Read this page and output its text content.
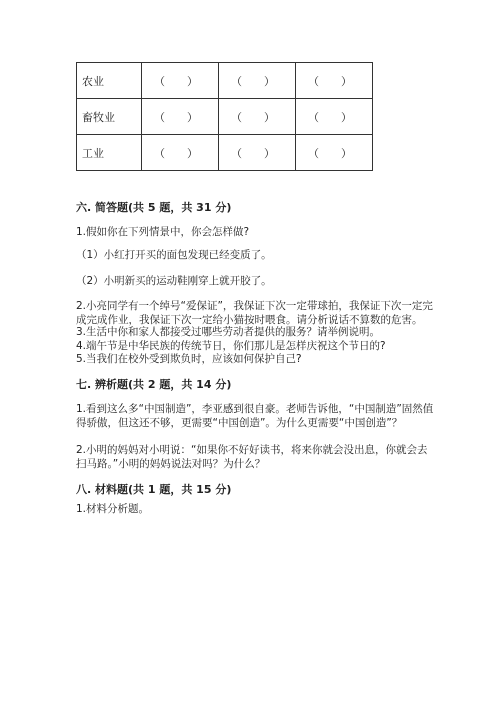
农业	（　　）	（　　）	（　　）

畜牧业	（　　）	（　　）	（　　）

工业	（　　）	（　　）	（　　）
六. 简答题(共 5 题，共 31 分)

1.假如你在下列情景中，你会怎样做?

（1）小红打开买的面包发现已经变质了。

（2）小明新买的运动鞋刚穿上就开胶了。

2.小亮同学有一个绰号“爱保证”，我保证下次一定带球拍，我保证下次一定完成完成作业，我保证下次一定给小猫按时喂食。请分析说话不算数的危害。

3.生活中你和家人都接受过哪些劳动者提供的服务？请举例说明。

4.端午节是中华民族的传统节日，你们那儿是怎样庆祝这个节日的?

5.当我们在校外受到欺负时，应该如何保护自己?

七. 辨析题(共 2 题，共 14 分)

1.看到这么多“中国制造”，李亚感到很自豪。老师告诉他，“中国制造”固然值得骄傲，但这还不够，更需要“中国创造”。为什么更需要“中国创造”？

2.小明的妈妈对小明说：“如果你不好好读书，将来你就会没出息，你就会去扫马路。”小明的妈妈说法对吗？为什么？

八. 材料题(共 1 题，共 15 分)

1.材料分析题。
